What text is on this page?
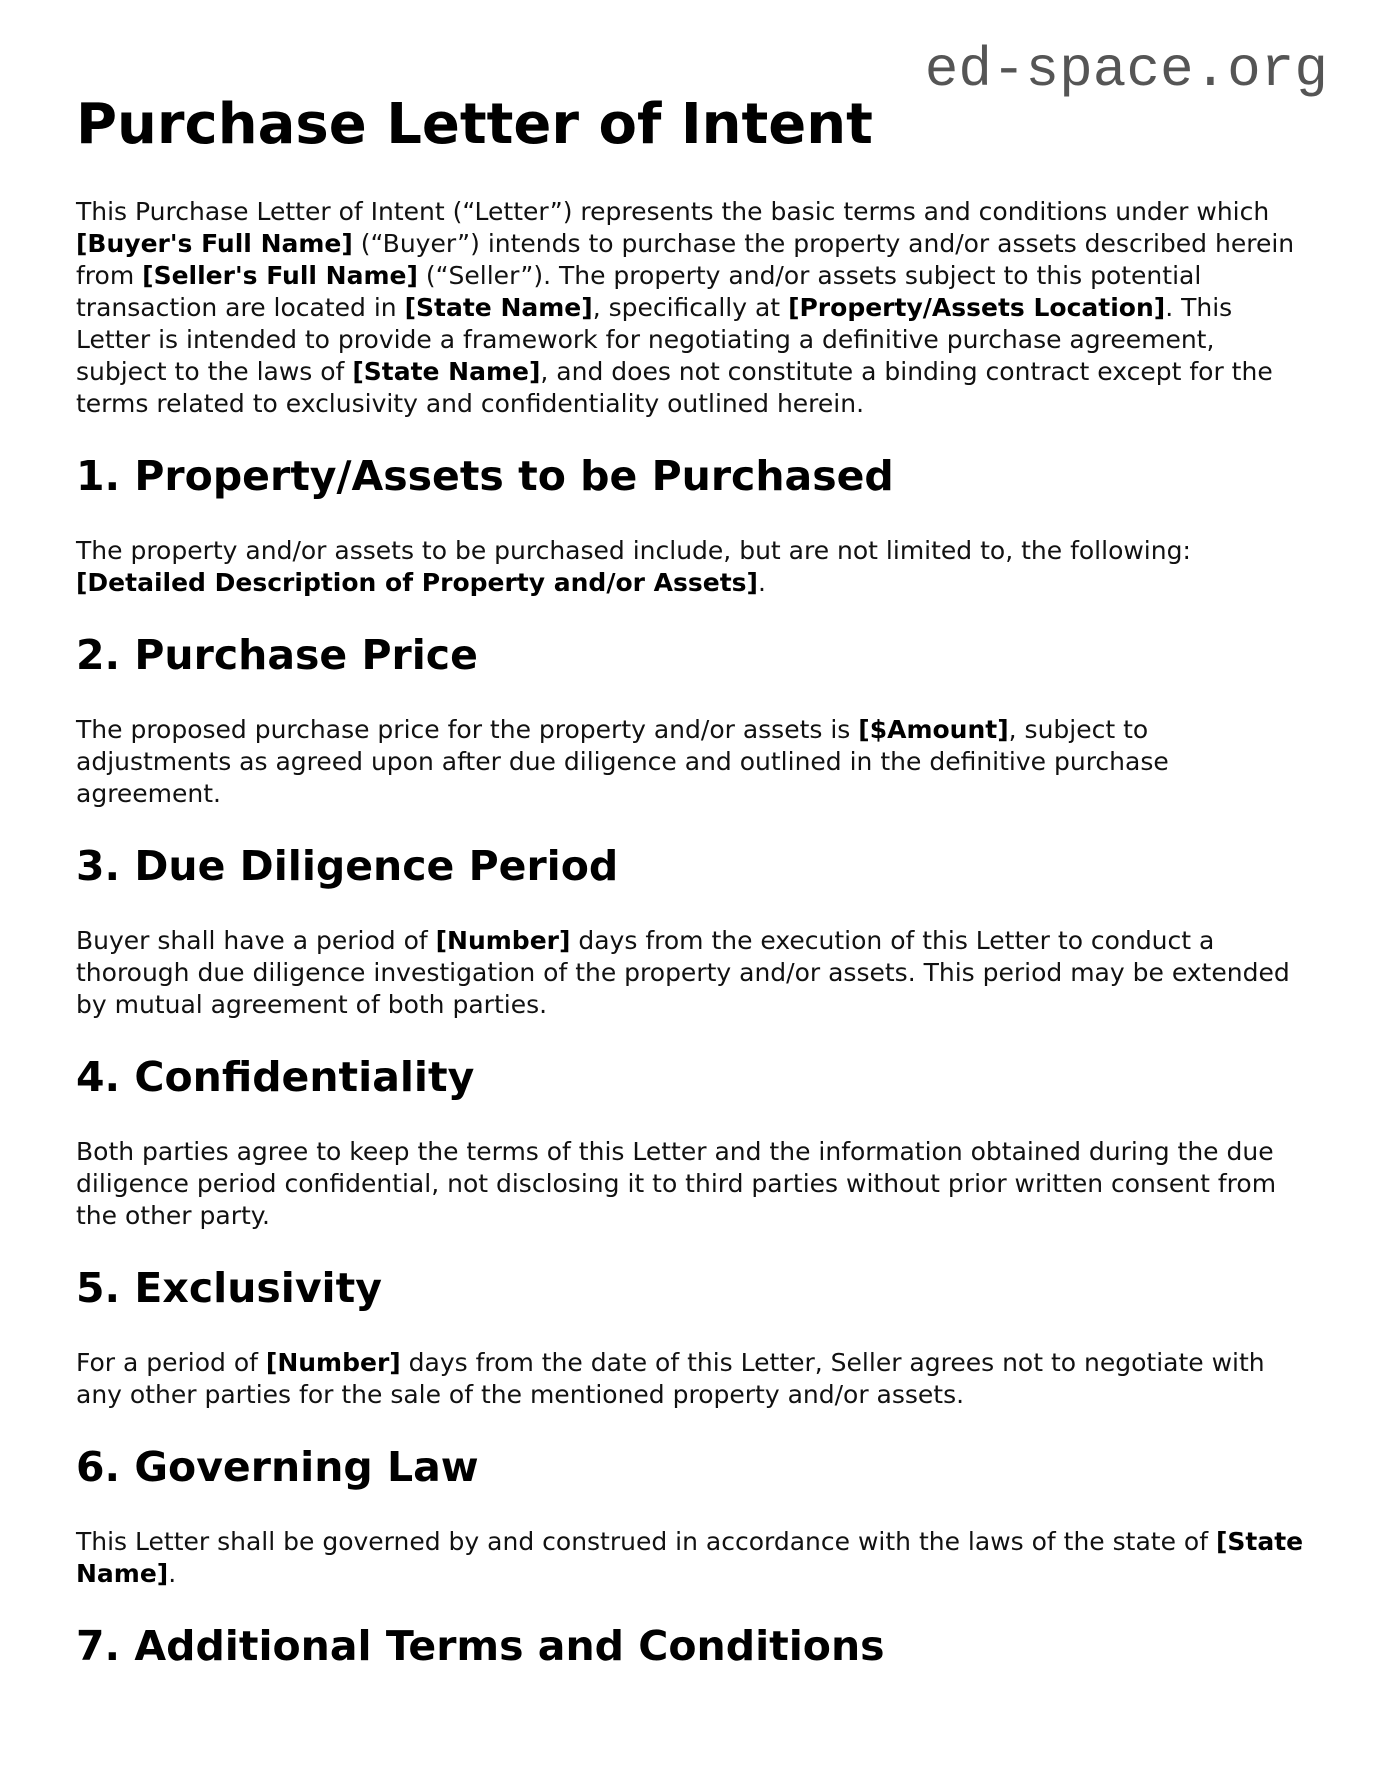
ed-space.org
Purchase Letter of Intent

This Purchase Letter of Intent (“Letter”) represents the basic terms and conditions under which [Buyer's Full Name] (“Buyer”) intends to purchase the property and/or assets described herein from [Seller's Full Name] (“Seller”). The property and/or assets subject to this potential transaction are located in [State Name], specifically at [Property/Assets Location]. This Letter is intended to provide a framework for negotiating a definitive purchase agreement, subject to the laws of [State Name], and does not constitute a binding contract except for the terms related to exclusivity and confidentiality outlined herein.

1. Property/Assets to be Purchased

The property and/or assets to be purchased include, but are not limited to, the following: [Detailed Description of Property and/or Assets].

2. Purchase Price

The proposed purchase price for the property and/or assets is [$Amount], subject to adjustments as agreed upon after due diligence and outlined in the definitive purchase agreement.

3. Due Diligence Period

Buyer shall have a period of [Number] days from the execution of this Letter to conduct a thorough due diligence investigation of the property and/or assets. This period may be extended by mutual agreement of both parties.

4. Confidentiality

Both parties agree to keep the terms of this Letter and the information obtained during the due diligence period confidential, not disclosing it to third parties without prior written consent from the other party.

5. Exclusivity

For a period of [Number] days from the date of this Letter, Seller agrees not to negotiate with any other parties for the sale of the mentioned property and/or assets.

6. Governing Law

This Letter shall be governed by and construed in accordance with the laws of the state of [State Name].

7. Additional Terms and Conditions
